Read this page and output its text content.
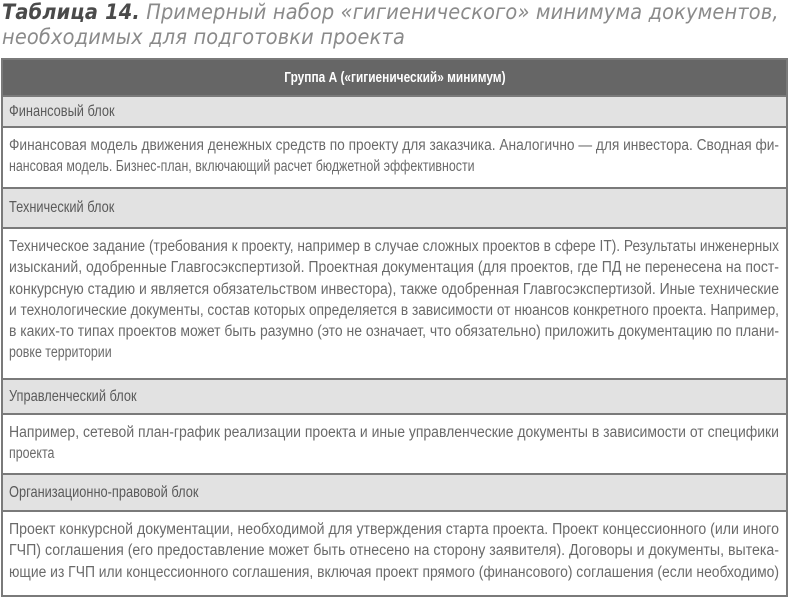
Таблица 14. Примерный набор «гигиенического» минимума документов,
необходимых для подготовки проекта
Группа А («гигиенический» минимум)
Финансовый блок
Финансовая модель движения денежных средств по проекту для заказчика. Аналогично — для инвестора. Сводная фи-
нансовая модель. Бизнес-план, включающий расчет бюджетной эффективности
Технический блок
Техническое задание (требования к проекту, например в случае сложных проектов в сфере IT). Результаты инженерных
изысканий, одобренные Главгосэкспертизой. Проектная документация (для проектов, где ПД не перенесена на пост-
конкурсную стадию и является обязательством инвестора), также одобренная Главгосэкспертизой. Иные технические
и технологические документы, состав которых определяется в зависимости от нюансов конкретного проекта. Например,
в каких-то типах проектов может быть разумно (это не означает, что обязательно) приложить документацию по плани-
ровке территории
Управленческий блок
Например, сетевой план-график реализации проекта и иные управленческие документы в зависимости от специфики
проекта
Организационно-правовой блок
Проект конкурсной документации, необходимой для утверждения старта проекта. Проект концессионного (или иного
ГЧП) соглашения (его предоставление может быть отнесено на сторону заявителя). Договоры и документы, вытека-
ющие из ГЧП или концессионного соглашения, включая проект прямого (финансового) соглашения (если необходимо)
